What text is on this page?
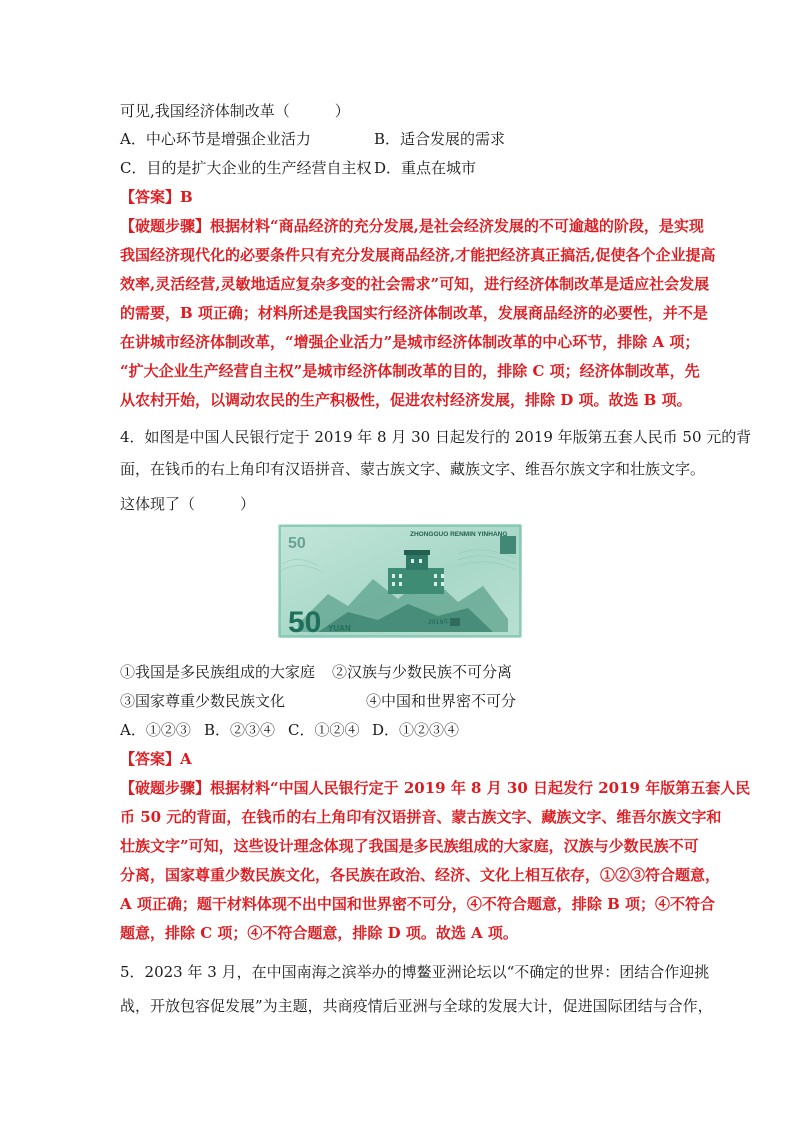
可见,我国经济体制改革（　　　）
A．中心环节是增强企业活力	B．适合发展的需求
C．目的是扩大企业的生产经营自主权 D．重点在城市
【答案】B
【破题步骤】根据材料“商品经济的充分发展,是社会经济发展的不可逾越的阶段，是实现
我国经济现代化的必要条件只有充分发展商品经济,才能把经济真正搞活,促使各个企业提高
效率,灵活经营,灵敏地适应复杂多变的社会需求”可知，进行经济体制改革是适应社会发展
的需要，B 项正确；材料所述是我国实行经济体制改革，发展商品经济的必要性，并不是
在讲城市经济体制改革，“增强企业活力”是城市经济体制改革的中心环节，排除 A 项；
“扩大企业生产经营自主权”是城市经济体制改革的目的，排除 C 项；经济体制改革，先
从农村开始，以调动农民的生产积极性，促进农村经济发展，排除 D 项。故选 B 项。
4．如图是中国人民银行定于 2019 年 8 月 30 日起发行的 2019 年版第五套人民币 50 元的背
面，在钱币的右上角印有汉语拼音、蒙古族文字、藏族文字、维吾尔族文字和壮族文字。
这体现了（　　　）
50
ZHONGGUO RENMIN YINHANG
50 YUAN
2019年
①我国是多民族组成的大家庭 ②汉族与少数民族不可分离
③国家尊重少数民族文化	④中国和世界密不可分
A．①②③ B．②③④ C．①②④ D．①②③④
【答案】A
【破题步骤】根据材料“中国人民银行定于 2019 年 8 月 30 日起发行 2019 年版第五套人民
币 50 元的背面，在钱币的右上角印有汉语拼音、蒙古族文字、藏族文字、维吾尔族文字和
壮族文字”可知，这些设计理念体现了我国是多民族组成的大家庭，汉族与少数民族不可
分离，国家尊重少数民族文化，各民族在政治、经济、文化上相互依存，①②③符合题意，
A 项正确；题干材料体现不出中国和世界密不可分，④不符合题意，排除 B 项；④不符合
题意，排除 C 项；④不符合题意，排除 D 项。故选 A 项。
5．2023 年 3 月，在中国南海之滨举办的博鳌亚洲论坛以“不确定的世界：团结合作迎挑
战，开放包容促发展”为主题，共商疫情后亚洲与全球的发展大计，促进国际团结与合作，
